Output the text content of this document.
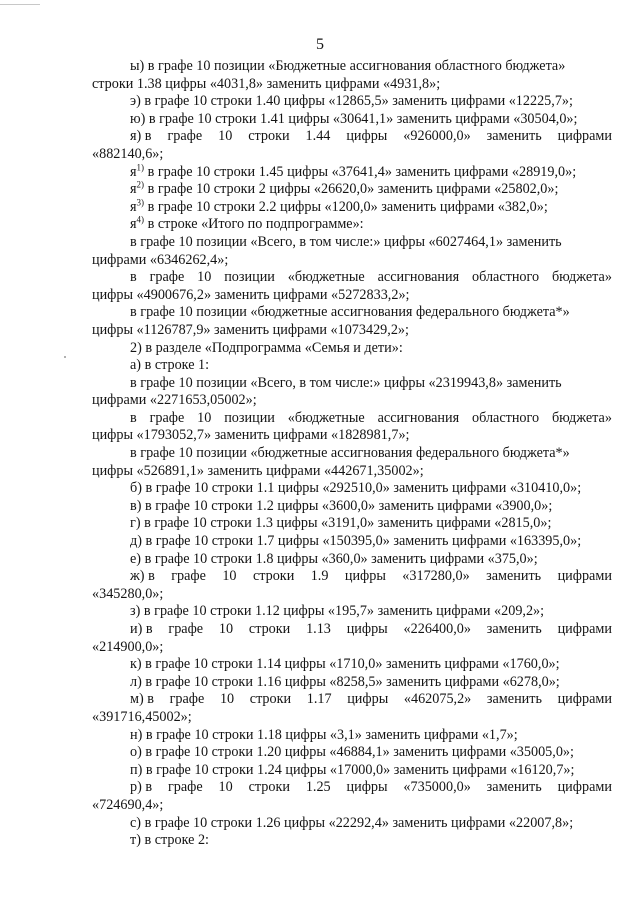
5
ы) в графе 10 позиции «Бюджетные ассигнования областного бюджета»
строки 1.38 цифры «4031,8» заменить цифрами «4931,8»;
э) в графе 10 строки 1.40 цифры «12865,5» заменить цифрами «12225,7»;
ю) в графе 10 строки 1.41 цифры «30641,1» заменить цифрами «30504,0»;
я) в графе 10 строки 1.44 цифры «926000,0» заменить цифрами
«882140,6»;
$я^{1)}$ в графе 10 строки 1.45 цифры «37641,4» заменить цифрами «28919,0»;
$я^{2)}$ в графе 10 строки 2 цифры «26620,0» заменить цифрами «25802,0»;
$я^{3)}$ в графе 10 строки 2.2 цифры «1200,0» заменить цифрами «382,0»;
$я^{4)}$ в строке «Итого по подпрограмме»:
в графе 10 позиции «Всего, в том числе:» цифры «6027464,1» заменить
цифрами «6346262,4»;
в графе 10 позиции «бюджетные ассигнования областного бюджета»
цифры «4900676,2» заменить цифрами «5272833,2»;
в графе 10 позиции «бюджетные ассигнования федерального бюджета*»
цифры «1126787,9» заменить цифрами «1073429,2»;
2) в разделе «Подпрограмма «Семья и дети»:
а) в строке 1:
в графе 10 позиции «Всего, в том числе:» цифры «2319943,8» заменить
цифрами «2271653,05002»;
в графе 10 позиции «бюджетные ассигнования областного бюджета»
цифры «1793052,7» заменить цифрами «1828981,7»;
в графе 10 позиции «бюджетные ассигнования федерального бюджета*»
цифры «526891,1» заменить цифрами «442671,35002»;
б) в графе 10 строки 1.1 цифры «292510,0» заменить цифрами «310410,0»;
в) в графе 10 строки 1.2 цифры «3600,0» заменить цифрами «3900,0»;
г) в графе 10 строки 1.3 цифры «3191,0» заменить цифрами «2815,0»;
д) в графе 10 строки 1.7 цифры «150395,0» заменить цифрами «163395,0»;
е) в графе 10 строки 1.8 цифры «360,0» заменить цифрами «375,0»;
ж) в графе 10 строки 1.9 цифры «317280,0» заменить цифрами
«345280,0»;
з) в графе 10 строки 1.12 цифры «195,7» заменить цифрами «209,2»;
и) в графе 10 строки 1.13 цифры «226400,0» заменить цифрами
«214900,0»;
к) в графе 10 строки 1.14 цифры «1710,0» заменить цифрами «1760,0»;
л) в графе 10 строки 1.16 цифры «8258,5» заменить цифрами «6278,0»;
м) в графе 10 строки 1.17 цифры «462075,2» заменить цифрами
«391716,45002»;
н) в графе 10 строки 1.18 цифры «3,1» заменить цифрами «1,7»;
о) в графе 10 строки 1.20 цифры «46884,1» заменить цифрами «35005,0»;
п) в графе 10 строки 1.24 цифры «17000,0» заменить цифрами «16120,7»;
р) в графе 10 строки 1.25 цифры «735000,0» заменить цифрами
«724690,4»;
с) в графе 10 строки 1.26 цифры «22292,4» заменить цифрами «22007,8»;
т) в строке 2:
